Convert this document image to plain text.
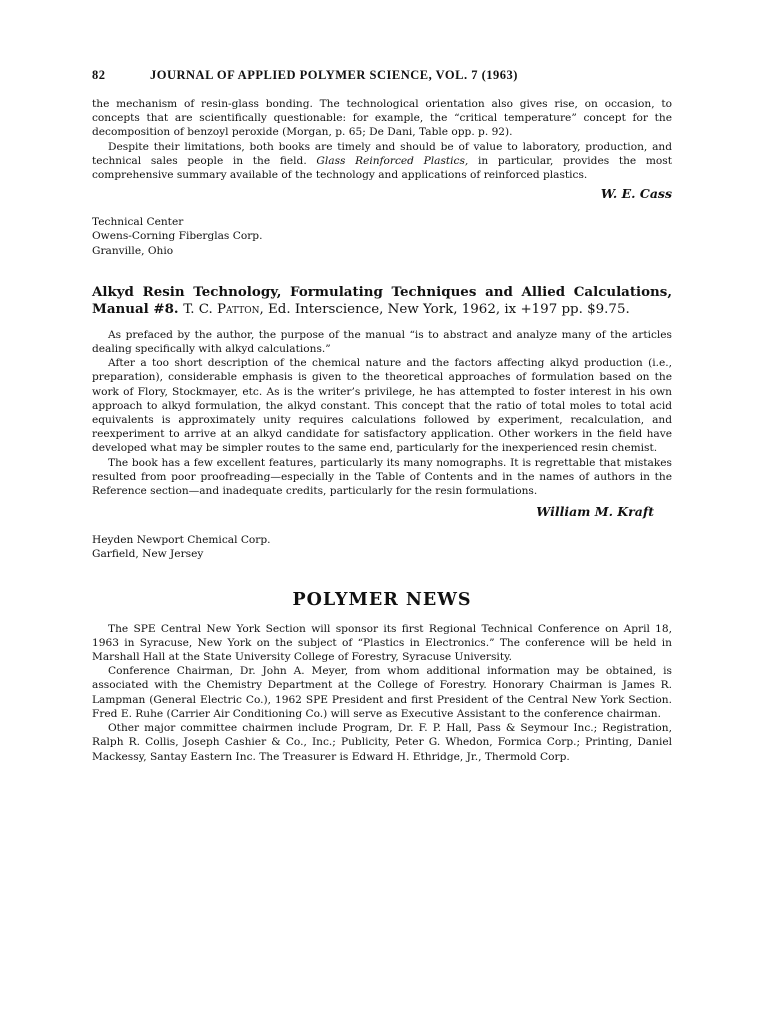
82	JOURNAL OF APPLIED POLYMER SCIENCE, VOL. 7 (1963)

the mechanism of resin-glass bonding. The technological orientation also gives rise, on occasion, to concepts that are scientifically questionable: for example, the “critical temperature” concept for the decomposition of benzoyl peroxide (Morgan, p. 65; De Dani, Table opp. p. 92).

Despite their limitations, both books are timely and should be of value to laboratory, production, and technical sales people in the field. Glass Reinforced Plastics, in particular, provides the most comprehensive summary available of the technology and applications of reinforced plastics.

W. E. Cass
Technical Center
Owens-Corning Fiberglas Corp.
Granville, Ohio
Alkyd Resin Technology, Formulating Techniques and Allied Calculations, Manual #8. T. C. Patton, Ed. Interscience, New York, 1962, ix +197 pp. $9.75.

As prefaced by the author, the purpose of the manual “is to abstract and analyze many of the articles dealing specifically with alkyd calculations.”

After a too short description of the chemical nature and the factors affecting alkyd production (i.e., preparation), considerable emphasis is given to the theoretical approaches of formulation based on the work of Flory, Stockmayer, etc. As is the writer’s privilege, he has attempted to foster interest in his own approach to alkyd formulation, the alkyd constant. This concept that the ratio of total moles to total acid equivalents is approximately unity requires calculations followed by experiment, recalculation, and reexperiment to arrive at an alkyd candidate for satisfactory application. Other workers in the field have developed what may be simpler routes to the same end, particularly for the inexperienced resin chemist.

The book has a few excellent features, particularly its many nomographs. It is regrettable that mistakes resulted from poor proofreading—especially in the Table of Contents and in the names of authors in the Reference section—and inadequate credits, particularly for the resin formulations.

William M. Kraft
Heyden Newport Chemical Corp.
Garfield, New Jersey
POLYMER NEWS

The SPE Central New York Section will sponsor its first Regional Technical Conference on April 18, 1963 in Syracuse, New York on the subject of “Plastics in Electronics.” The conference will be held in Marshall Hall at the State University College of Forestry, Syracuse University.

Conference Chairman, Dr. John A. Meyer, from whom additional information may be obtained, is associated with the Chemistry Department at the College of Forestry. Honorary Chairman is James R. Lampman (General Electric Co.), 1962 SPE President and first President of the Central New York Section. Fred E. Ruhe (Carrier Air Conditioning Co.) will serve as Executive Assistant to the conference chairman.

Other major committee chairmen include Program, Dr. F. P. Hall, Pass & Seymour Inc.; Registration, Ralph R. Collis, Joseph Cashier & Co., Inc.; Publicity, Peter G. Whedon, Formica Corp.; Printing, Daniel Mackessy, Santay Eastern Inc. The Treasurer is Edward H. Ethridge, Jr., Thermold Corp.
